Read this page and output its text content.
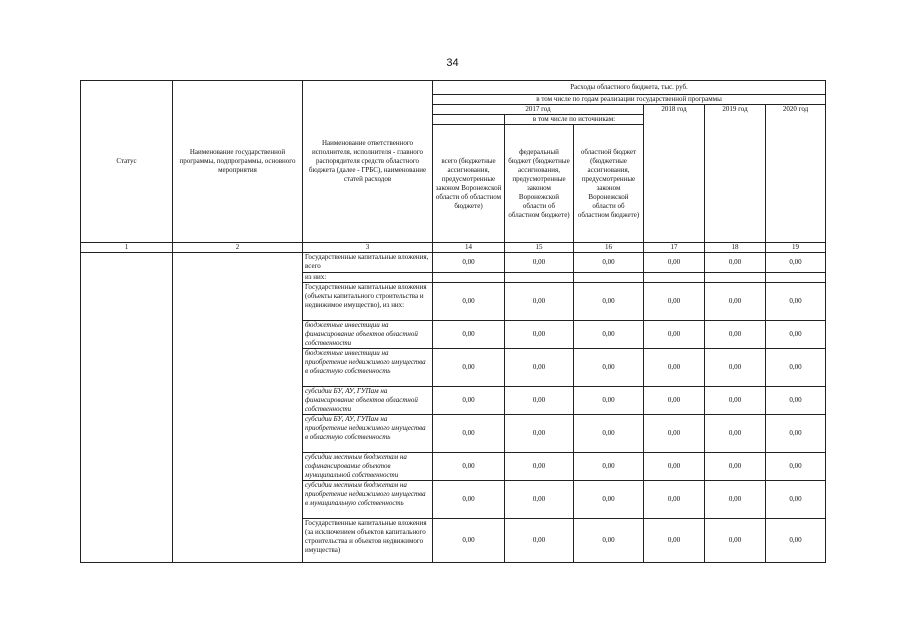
34
Статус	Наименование государственной программы, подпрограммы, основного мероприятия	Наименование ответственного исполнителя, исполнителя - главного распорядителя средств областного бюджета (далее - ГРБС), наименование статей расходов	Расходы областного бюджета, тыс. руб.					
			в том числе по годам реализации государственной программы					
			2017 год			2018 год	2019 год	2020 год
				в том числе по источникам:				
			всего (бюджетные ассигнования, предусмотренные законом Воронежской области об областном бюджете)	федеральный бюджет (бюджетные ассигнования, предусмотренные законом Воронежской области об областном бюджете)	областной бюджет (бюджетные ассигнования, предусмотренные законом Воронежской области об областном бюджете)			
1	2	3	14	15	16	17	18	19
		Государственные капитальные вложения, всего	0,00	0,00	0,00	0,00	0,00	0,00
		из них:						
		Государственные капитальные вложения (объекты капитального строительства и недвижимое имущество), из них:	0,00	0,00	0,00	0,00	0,00	0,00
		бюджетные инвестиции на финансирование объектов областной собственности	0,00	0,00	0,00	0,00	0,00	0,00
		бюджетные инвестиции на приобретение недвижимого имущества в областную собственность	0,00	0,00	0,00	0,00	0,00	0,00
		субсидии БУ, АУ, ГУПам на финансирование объектов областной собственности	0,00	0,00	0,00	0,00	0,00	0,00
		субсидии БУ, АУ, ГУПам на приобретение недвижимого имущества в областную собственность	0,00	0,00	0,00	0,00	0,00	0,00
		субсидии местным бюджетам на софинансирование объектов муниципальной собственности	0,00	0,00	0,00	0,00	0,00	0,00
		субсидии местным бюджетам на приобретение недвижимого имущества в муниципальную собственность	0,00	0,00	0,00	0,00	0,00	0,00
		Государственные капитальные вложения (за исключением объектов капитального строительства и объектов недвижимого имущества)	0,00	0,00	0,00	0,00	0,00	0,00
